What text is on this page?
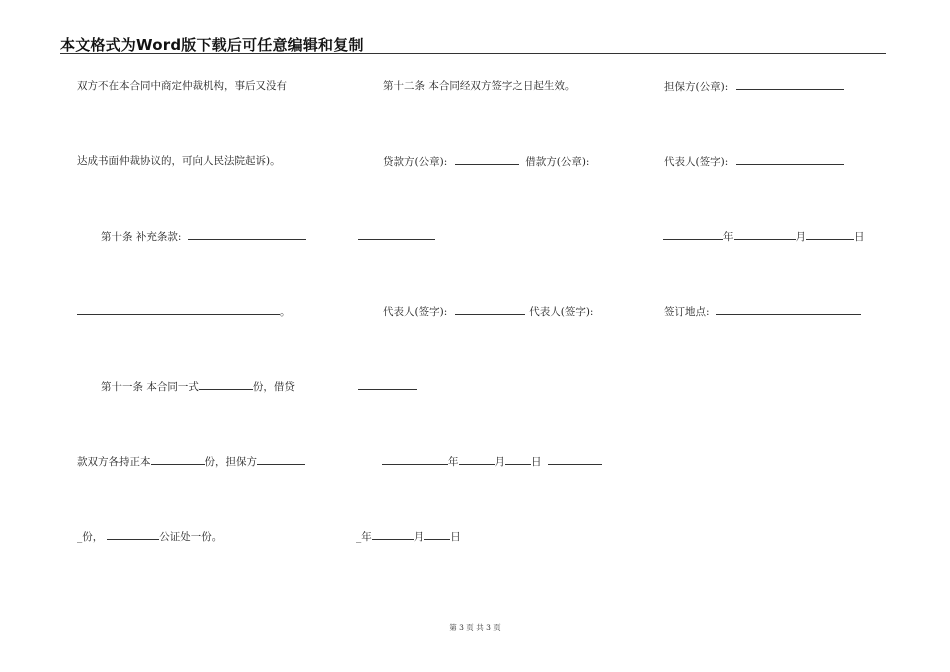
本文格式为Word版下载后可任意编辑和复制
双方不在本合同中商定仲裁机构，事后又没有
达成书面仲裁协议的，可向人民法院起诉)。
第十条 补充条款:
。
第十一条 本合同一式	份，借贷
款双方各持正本	份，担保方
_份，	公证处一份。
第十二条 本合同经双方签字之日起生效。
贷款方(公章):	借款方(公章):
代表人(签字):	代表人(签字):
年	月 日
_年	月 日
担保方(公章):
代表人(签字):
年	月	日
签订地点:
第 3 页 共 3 页
